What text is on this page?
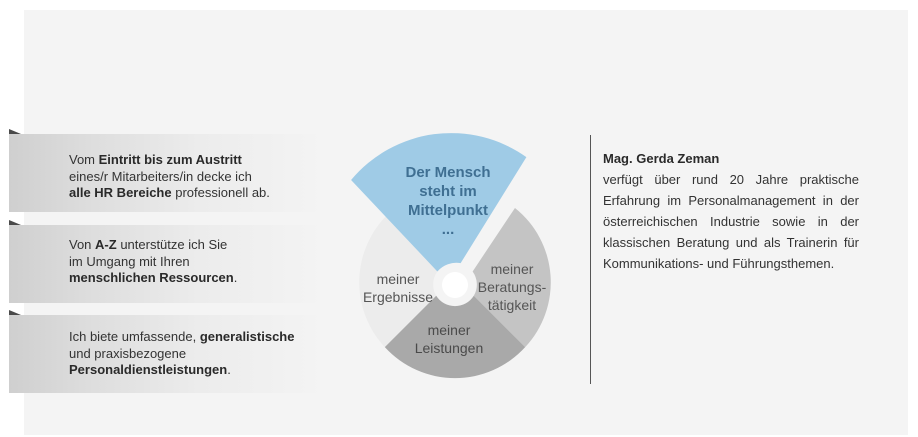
Vom Eintritt bis zum Austritt
eines/r Mitarbeiters/in decke ich
alle HR Bereiche professionell ab.
Von A-Z unterstütze ich Sie
im Umgang mit Ihren
menschlichen Ressourcen.
Ich biete umfassende, generalistische
und praxisbezogene
Personaldienstleistungen.
Der Mensch steht im Mittelpunkt ...
meiner Ergebnisse
meiner Beratungs-tätigkeit
meiner Leistungen
Mag. Gerda Zeman
verfügt über rund 20 Jahre praktische Erfahrung im Personalmanagement in der österreichischen Industrie sowie in der klassischen Beratung und als Trainerin für Kommunikations- und Führungsthemen.
